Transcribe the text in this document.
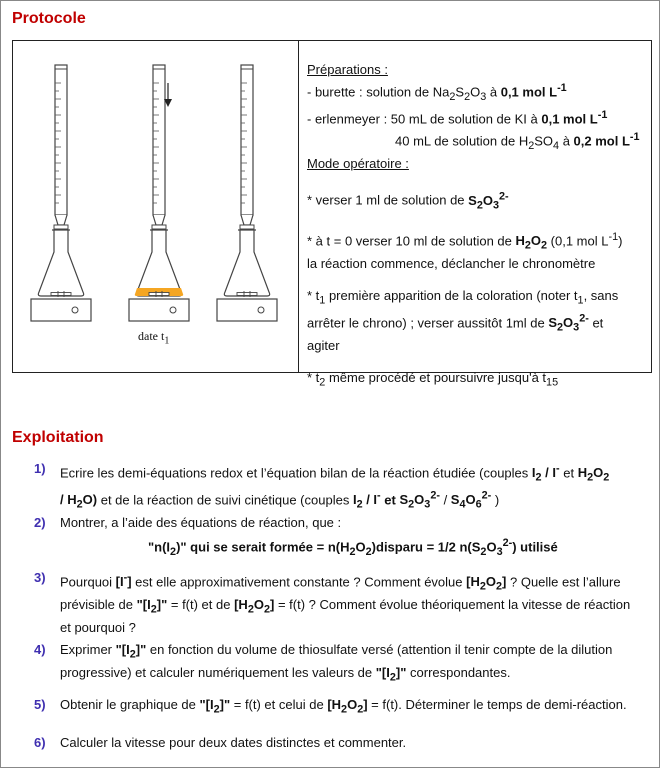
Protocole
date $t_1$
Préparations :
- burette : solution de $Na_2S_2O_3$ à 0,1 mol $L^{-1}$
- erlenmeyer : 50 mL de solution de KI à 0,1 mol $L^{-1}$
40 mL de solution de $H_2SO_4$ à 0,2 mol $L^{-1}$
Mode opératoire :
* verser 1 ml de solution de $S_2O_3^{2-}$
* à t = 0 verser 10 ml de solution de $H_2O_2$ (0,1 mol $L^{-1}$)
la réaction commence, déclancher le chronomètre
* $t_1$ première apparition de la coloration (noter $t_1$, sans
arrêter le chrono) ; verser aussitôt 1ml de $S_2O_3^{2-}$ et
agiter
* $t_2$ même procédé et poursuivre jusqu'à $t_{15}$
Exploitation
1) Ecrire les demi-équations redox et l’équation bilan de la réaction étudiée (couples $I_2 / I^-$ et $H_2O_2$
/ $H_2O$) et de la réaction de suivi cinétique (couples $I_2 / I^-$ et $S_2O_3^{2-} / S_4O_6^{2-}$ )
2) Montrer, a l’aide des équations de réaction, que :
"$n(I_2)$" qui se serait formée = $n(H_2O_2)disparu = 1/2$ $n(S_2O_3^{2-})$ utilisé
3) Pourquoi [I-] est elle approximativement constante ? Comment évolue $[H_2O_2]$ ? Quelle est l’allure
prévisible de "$[I_2]$" = f(t) et de $[H_2O_2] = f(t)$ ? Comment évolue théoriquement la vitesse de réaction
et pourquoi ?
4) Exprimer "$[I_2]$" en fonction du volume de thiosulfate versé (attention il tenir compte de la dilution
progressive) et calculer numériquement les valeurs de "$[I_2]$" correspondantes.
5) Obtenir le graphique de "$[I_2]$" = f(t) et celui de $[H_2O_2] = f(t)$. Déterminer le temps de demi-réaction.
6) Calculer la vitesse pour deux dates distinctes et commenter.
